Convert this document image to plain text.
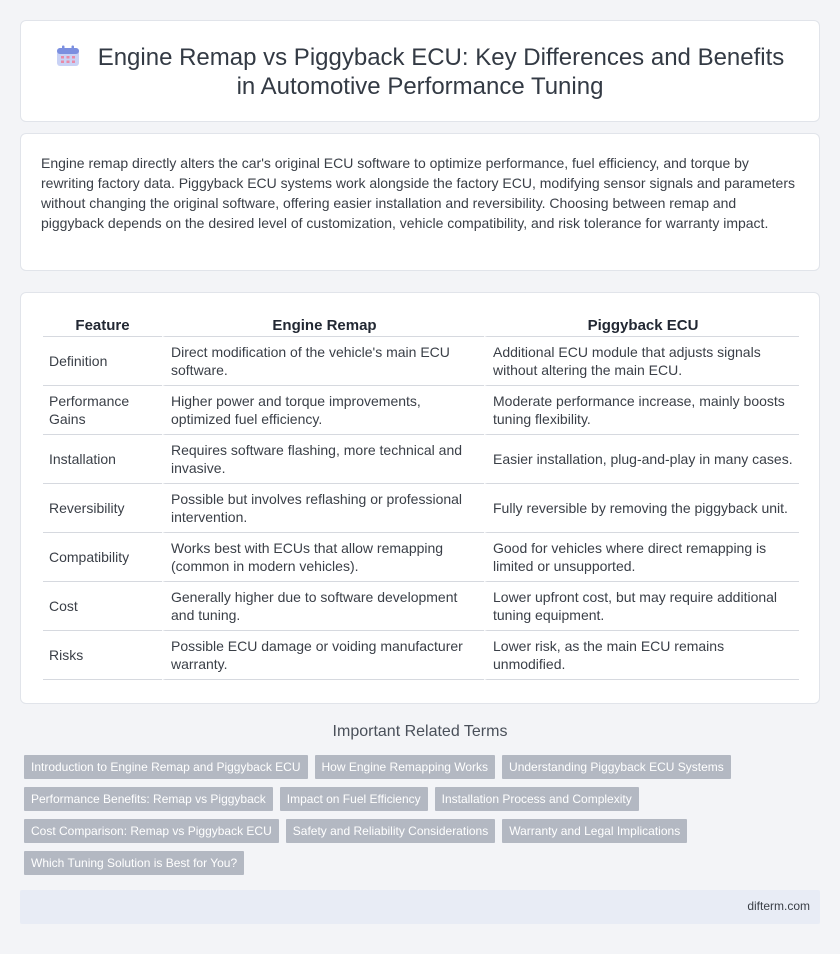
Engine Remap vs Piggyback ECU: Key Differences and Benefits in Automotive Performance Tuning

Engine remap directly alters the car's original ECU software to optimize performance, fuel efficiency, and torque by rewriting factory data. Piggyback ECU systems work alongside the factory ECU, modifying sensor signals and parameters without changing the original software, offering easier installation and reversibility. Choosing between remap and piggyback depends on the desired level of customization, vehicle compatibility, and risk tolerance for warranty impact.

Feature	Engine Remap	Piggyback ECU
Definition	Direct modification of the vehicle's main ECU software.	Additional ECU module that adjusts signals without altering the main ECU.
Performance Gains	Higher power and torque improvements, optimized fuel efficiency.	Moderate performance increase, mainly boosts tuning flexibility.
Installation	Requires software flashing, more technical and invasive.	Easier installation, plug-and-play in many cases.
Reversibility	Possible but involves reflashing or professional intervention.	Fully reversible by removing the piggyback unit.
Compatibility	Works best with ECUs that allow remapping (common in modern vehicles).	Good for vehicles where direct remapping is limited or unsupported.
Cost	Generally higher due to software development and tuning.	Lower upfront cost, but may require additional tuning equipment.
Risks	Possible ECU damage or voiding manufacturer warranty.	Lower risk, as the main ECU remains unmodified.
Important Related Terms
Introduction to Engine Remap and Piggyback ECU	How Engine Remapping Works	Understanding Piggyback ECU Systems
Performance Benefits: Remap vs Piggyback	Impact on Fuel Efficiency	Installation Process and Complexity
Cost Comparison: Remap vs Piggyback ECU	Safety and Reliability Considerations	Warranty and Legal Implications
Which Tuning Solution is Best for You?
difterm.com
